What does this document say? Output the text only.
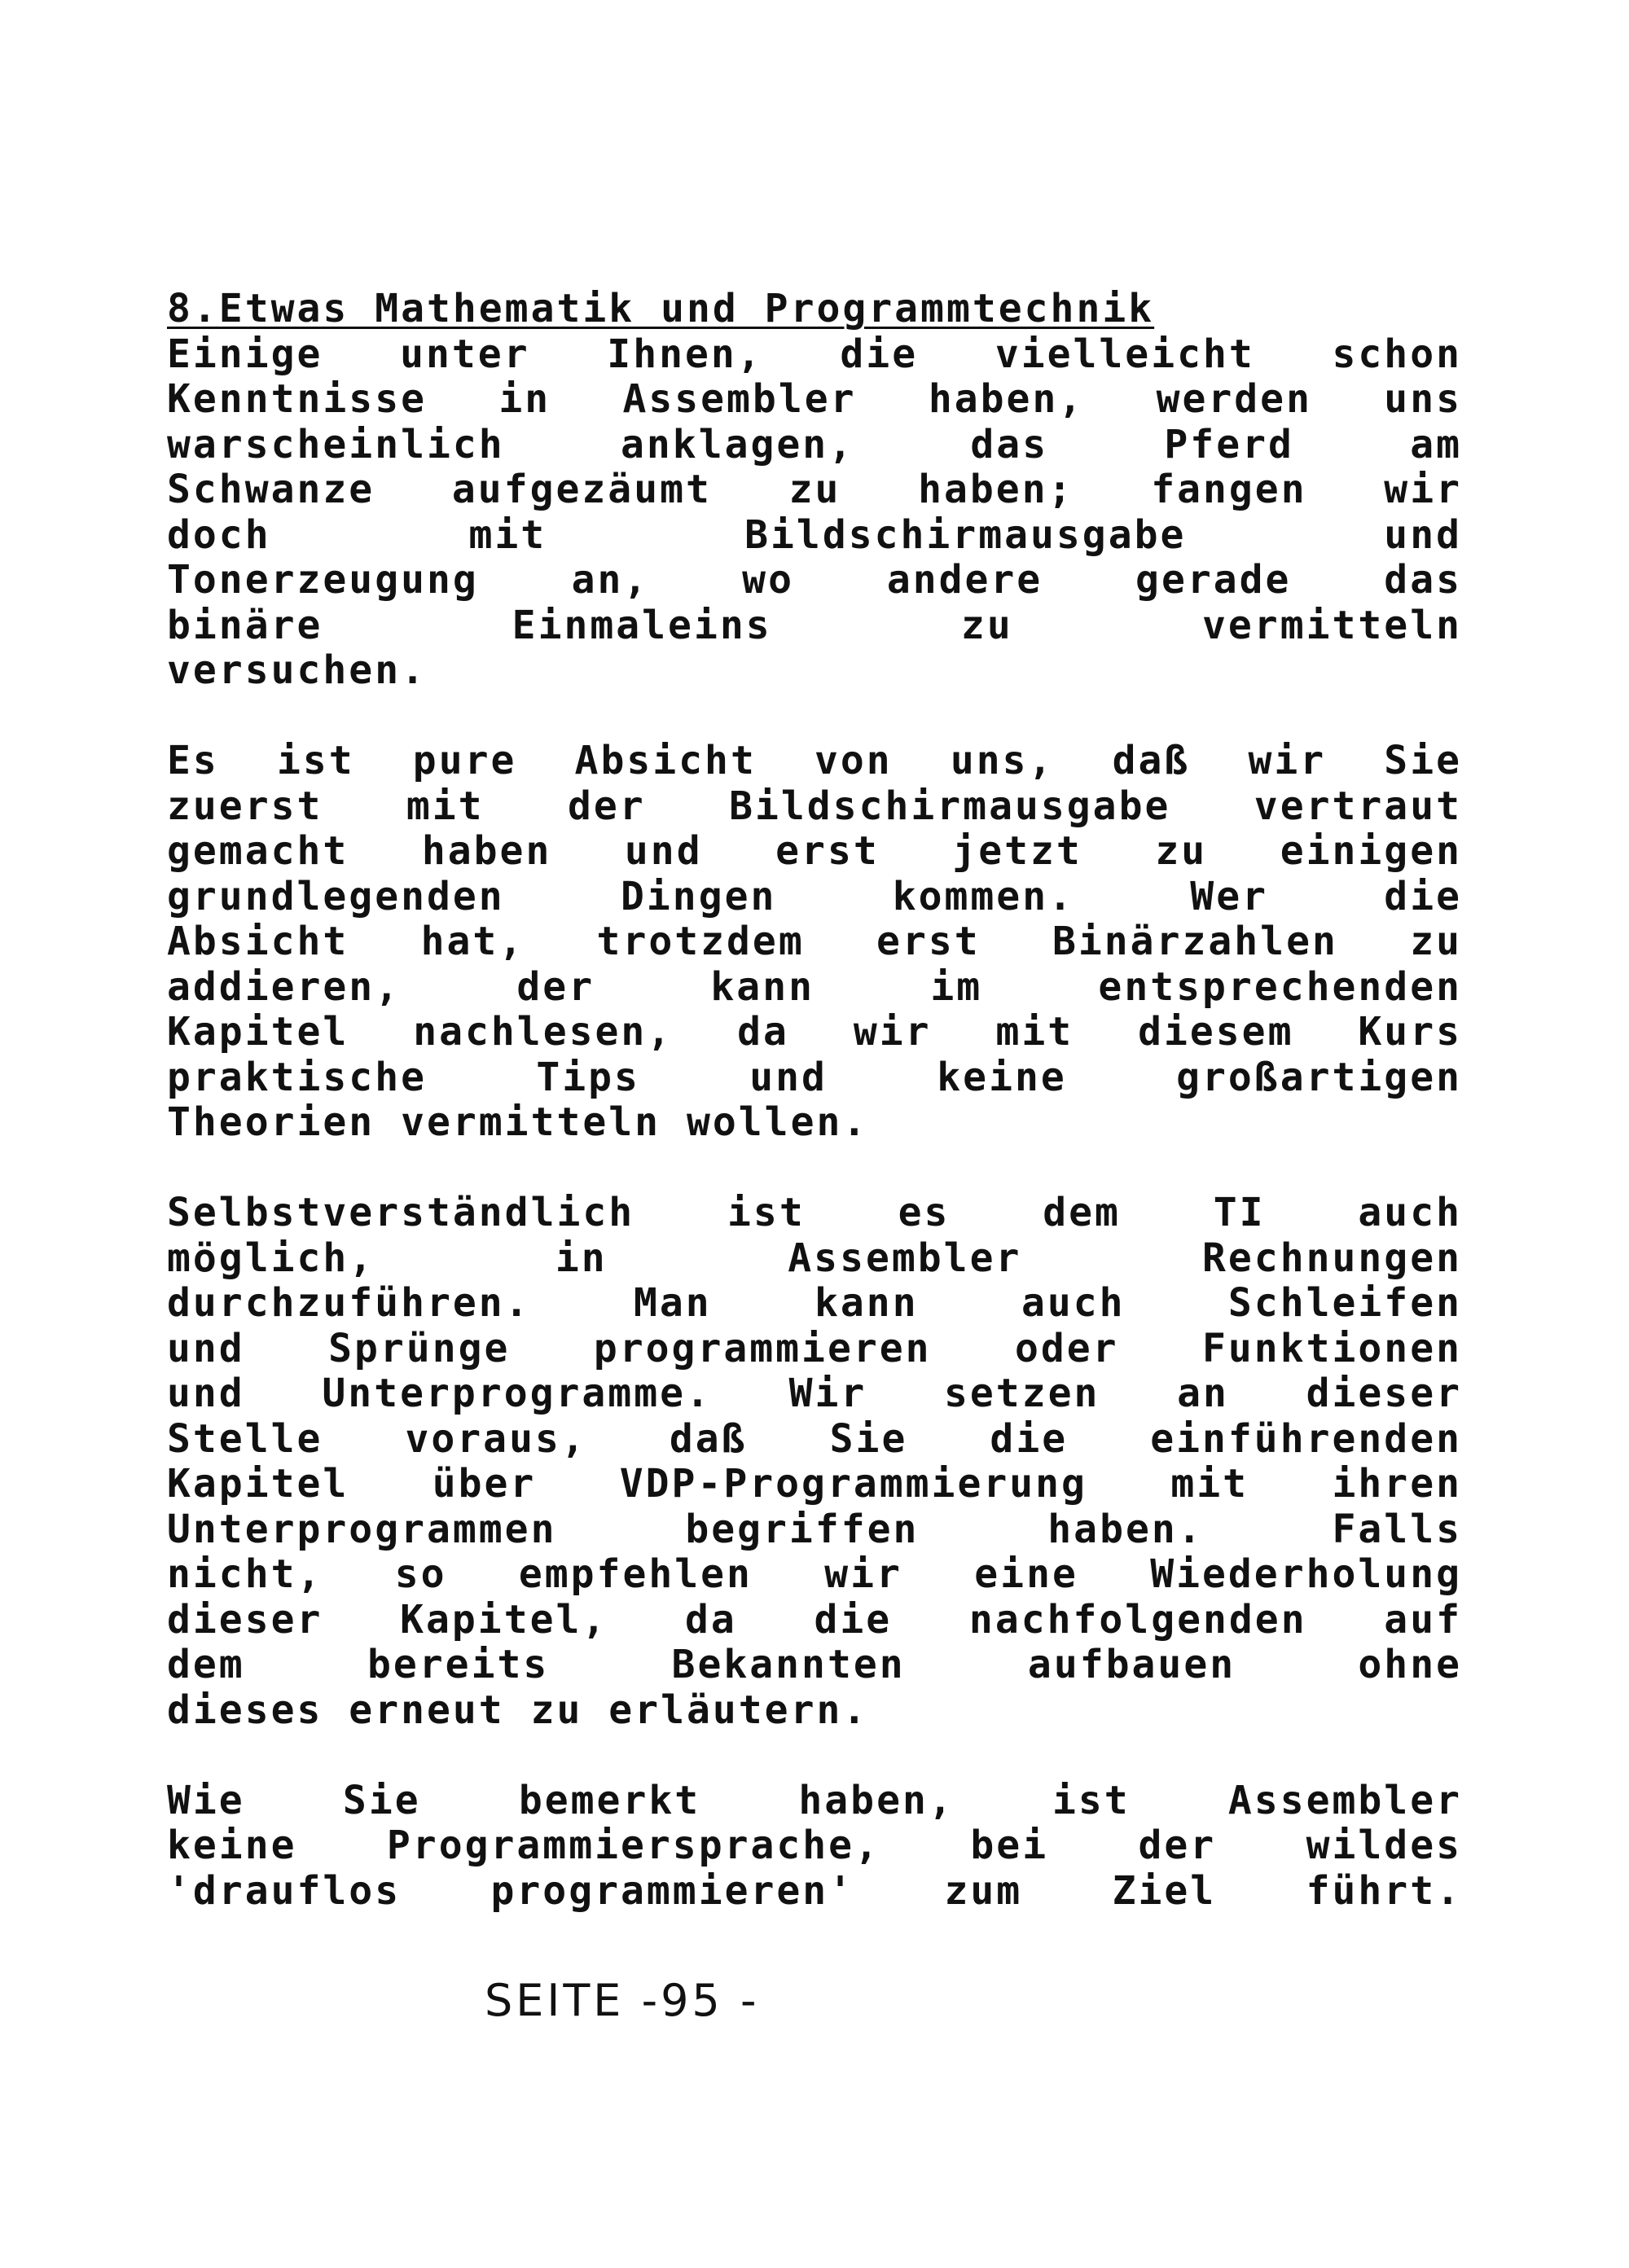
8.Etwas Mathematik und Programmtechnik
Einige unter Ihnen, die vielleicht schon
Kenntnisse in Assembler haben, werden uns
warscheinlich anklagen, das Pferd am
Schwanze aufgezäumt zu haben; fangen wir
doch mit Bildschirmausgabe und
Tonerzeugung an, wo andere gerade das
binäre Einmaleins zu vermitteln
versuchen.
Es ist pure Absicht von uns, daß wir Sie
zuerst mit der Bildschirmausgabe vertraut
gemacht haben und erst jetzt zu einigen
grundlegenden Dingen kommen. Wer die
Absicht hat, trotzdem erst Binärzahlen zu
addieren, der kann im entsprechenden
Kapitel nachlesen, da wir mit diesem Kurs
praktische Tips und keine großartigen
Theorien vermitteln wollen.
Selbstverständlich ist es dem TI auch
möglich, in Assembler Rechnungen
durchzuführen. Man kann auch Schleifen
und Sprünge programmieren oder Funktionen
und Unterprogramme. Wir setzen an dieser
Stelle voraus, daß Sie die einführenden
Kapitel über VDP-Programmierung mit ihren
Unterprogrammen begriffen haben. Falls
nicht, so empfehlen wir eine Wiederholung
dieser Kapitel, da die nachfolgenden auf
dem bereits Bekannten aufbauen ohne
dieses erneut zu erläutern.
Wie Sie bemerkt haben, ist Assembler
keine Programmiersprache, bei der wildes
'drauflos programmieren' zum Ziel führt.
SEITE -95 -
